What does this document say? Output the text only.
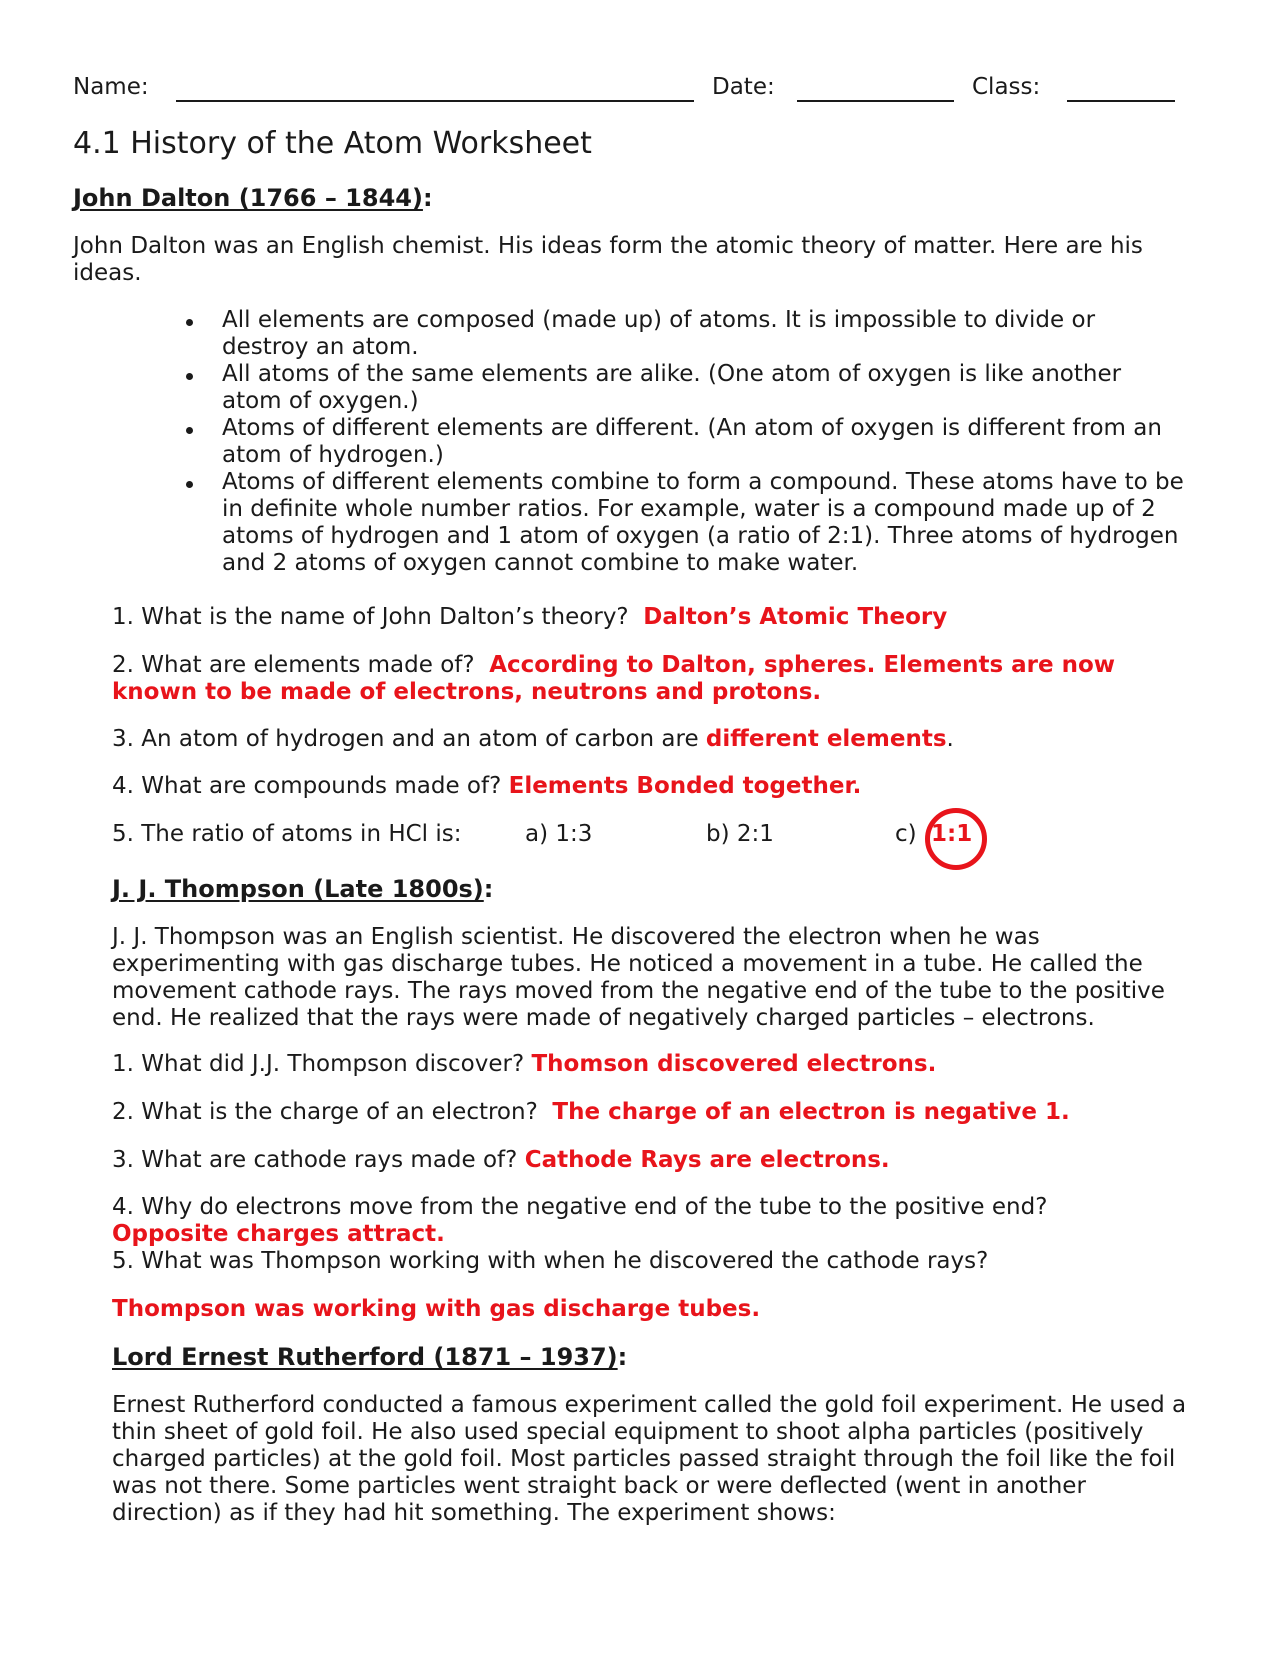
Name:	Date:	Class:
4.1 History of the Atom Worksheet
John Dalton (1766 – 1844):
John Dalton was an English chemist. His ideas form the atomic theory of matter. Here are his
ideas.
All elements are composed (made up) of atoms. It is impossible to divide or
destroy an atom.
All atoms of the same elements are alike. (One atom of oxygen is like another
atom of oxygen.)
Atoms of different elements are different. (An atom of oxygen is different from an
atom of hydrogen.)
Atoms of different elements combine to form a compound. These atoms have to be
in definite whole number ratios. For example, water is a compound made up of 2
atoms of hydrogen and 1 atom of oxygen (a ratio of 2:1). Three atoms of hydrogen
and 2 atoms of oxygen cannot combine to make water.
1. What is the name of John Dalton’s theory? Dalton’s Atomic Theory
2. What are elements made of? According to Dalton, spheres. Elements are now
known to be made of electrons, neutrons and protons.
3. An atom of hydrogen and an atom of carbon are different elements.
4. What are compounds made of? Elements Bonded together.
5. The ratio of atoms in HCl is:	a) 1:3	b) 2:1	c) 1:1
J. J. Thompson (Late 1800s):
J. J. Thompson was an English scientist. He discovered the electron when he was
experimenting with gas discharge tubes. He noticed a movement in a tube. He called the
movement cathode rays. The rays moved from the negative end of the tube to the positive
end. He realized that the rays were made of negatively charged particles – electrons.
1. What did J.J. Thompson discover? Thomson discovered electrons.
2. What is the charge of an electron? The charge of an electron is negative 1.
3. What are cathode rays made of? Cathode Rays are electrons.
4. Why do electrons move from the negative end of the tube to the positive end?
Opposite charges attract.
5. What was Thompson working with when he discovered the cathode rays?
Thompson was working with gas discharge tubes.
Lord Ernest Rutherford (1871 – 1937):
Ernest Rutherford conducted a famous experiment called the gold foil experiment. He used a
thin sheet of gold foil. He also used special equipment to shoot alpha particles (positively
charged particles) at the gold foil. Most particles passed straight through the foil like the foil
was not there. Some particles went straight back or were deflected (went in another
direction) as if they had hit something. The experiment shows:
